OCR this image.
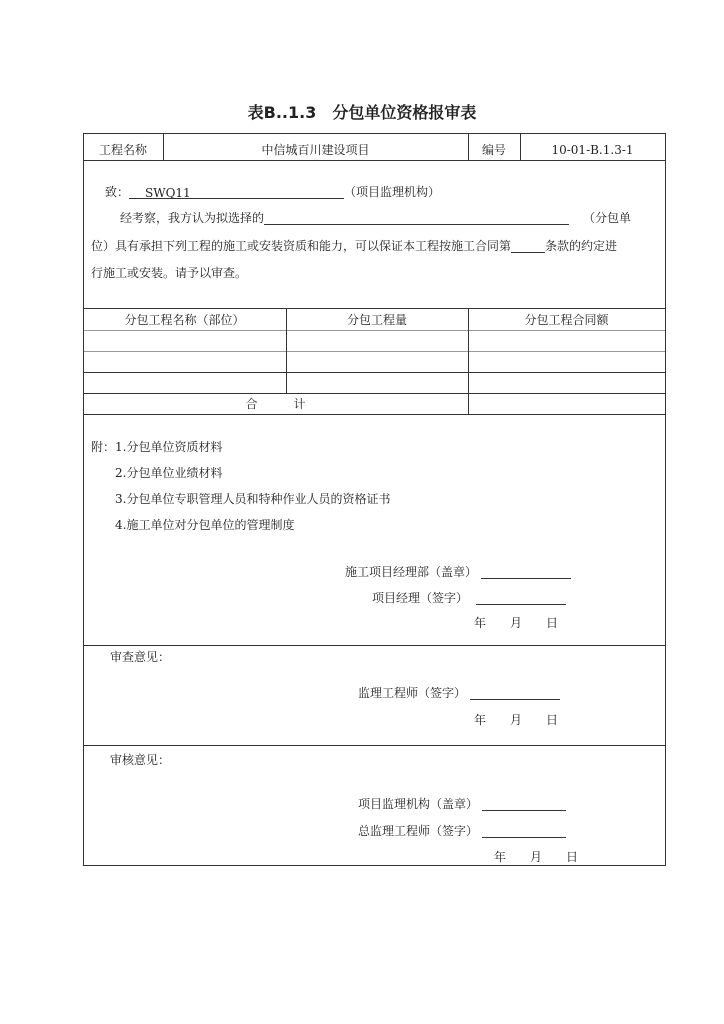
表B..1.3　分包单位资格报审表
工程名称	中信城百川建设项目	编号	10-01-B.1.3-1
致： SWQ11	（项目监理机构）
经考察，我方认为拟选择的	（分包单
位）具有承担下列工程的施工或安装资质和能力，可以保证本工程按施工合同第	条款的约定进
行施工或安装。请予以审查。
分包工程名称（部位）	分包工程量	分包工程合同额
合　　　计
附：1.分包单位资质材料
2.分包单位业绩材料
3.分包单位专职管理人员和特种作业人员的资格证书
4.施工单位对分包单位的管理制度
施工项目经理部（盖章）
项目经理（签字）
年　　月　　日
审查意见：
监理工程师（签字）
年　　月　　日
审核意见：
项目监理机构（盖章）
总监理工程师（签字）
年　　月　　日
